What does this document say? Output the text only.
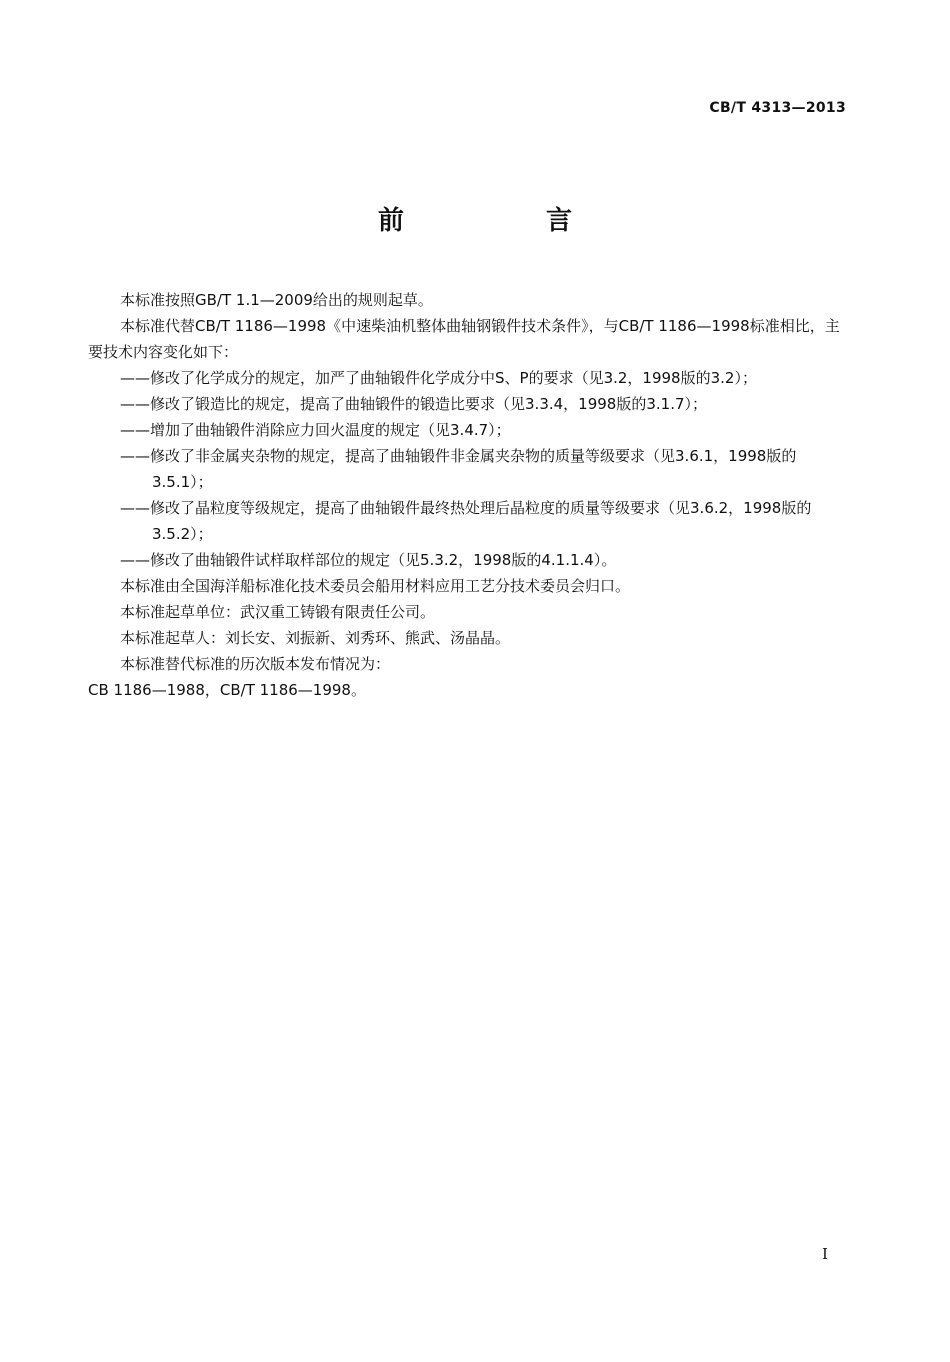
CB/T 4313—2013
前　言

本标准按照GB/T 1.1—2009给出的规则起草。

本标准代替CB/T 1186—1998《中速柴油机整体曲轴钢锻件技术条件》，与CB/T 1186—1998标准相比，主要技术内容变化如下：

——修改了化学成分的规定，加严了曲轴锻件化学成分中S、P的要求（见3.2，1998版的3.2）；

——修改了锻造比的规定，提高了曲轴锻件的锻造比要求（见3.3.4，1998版的3.1.7）；

——增加了曲轴锻件消除应力回火温度的规定（见3.4.7）；

——修改了非金属夹杂物的规定，提高了曲轴锻件非金属夹杂物的质量等级要求（见3.6.1，1998版的3.5.1）；

——修改了晶粒度等级规定，提高了曲轴锻件最终热处理后晶粒度的质量等级要求（见3.6.2，1998版的3.5.2）；

——修改了曲轴锻件试样取样部位的规定（见5.3.2，1998版的4.1.1.4）。

本标准由全国海洋船标准化技术委员会船用材料应用工艺分技术委员会归口。

本标准起草单位：武汉重工铸锻有限责任公司。

本标准起草人：刘长安、刘振新、刘秀环、熊武、汤晶晶。

本标准替代标准的历次版本发布情况为：

CB 1186—1988，CB/T 1186—1998。

I
